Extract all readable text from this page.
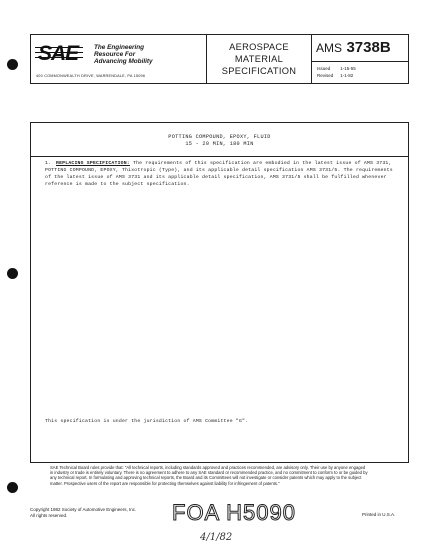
SAE The Engineering
Resource For
Advancing Mobility
400 COMMONWEALTH DRIVE, WARRENDALE, PA 15096
AEROSPACE
MATERIAL
SPECIFICATION
AMS 3738B
Issued 1-15-55
Revised 1-1-82
POTTING COMPOUND, EPOXY, FLUID
15 - 20 MIN, 180 MIN
1. REPLACING SPECIFICATION: The requirements of this specification are embodied in the latest issue of AMS 3731, POTTING COMPOUND, EPOXY, Thixotropic (Type), and its applicable detail specification AMS 3731/5. The requirements of the latest issue of AMS 3731 and its applicable detail specification, AMS 3731/5 shall be fulfilled whenever reference is made to the subject specification.
This specification is under the jurisdiction of AMS Committee "G".
SAE Technical Board rules provide that: "All technical reports, including standards approved and practices recommended, are advisory only. Their use by anyone engaged in industry or trade is entirely voluntary. There is no agreement to adhere to any SAE standard or recommended practice, and no commitment to conform to or be guided by any technical report. In formulating and approving technical reports, the Board and its Committees will not investigate or consider patents which may apply to the subject matter. Prospective users of the report are responsible for protecting themselves against liability for infringement of patents."
Copyright 1982 Society of Automotive Engineers, Inc.
All rights reserved.	FOA H5090
4/1/82
Printed in U.S.A.
